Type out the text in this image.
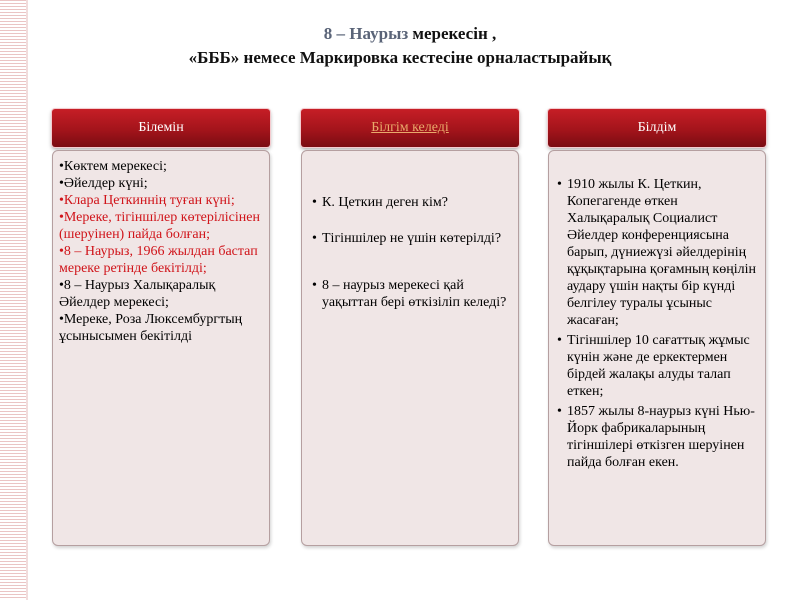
8 – Наурыз мерекесін ,
«БББ» немесе Маркировка кестесіне орналастырайық
Білемін
•Көктем мерекесі;
•Әйелдер күні;
•Клара Цеткиннің туған күні;
•Мереке, тігіншілер көтерілісінен (шеруінен) пайда болған;
•8 – Наурыз, 1966 жылдан бастап мереке ретінде бекітілді;
•8 – Наурыз Халықаралық Әйелдер мерекесі;
•Мереке, Роза Люксембургтың ұсынысымен бекітілді
Білгім келеді
• К. Цеткин деген кім?
• Тігіншілер не үшін көтерілді?
• 8 – наурыз мерекесі қай уақыттан бері өткізіліп келеді?
Білдім
• 1910 жылы К. Цеткин, Копегагенде өткен Халықаралық Социалист Әйелдер конференциясына барып, дүниежүзі әйелдерінің құқықтарына қоғамның көңілін аудару үшін нақты бір күнді белгілеу туралы ұсыныс жасаған;
• Тігіншілер 10 сағаттық жұмыс күнін және де еркектермен бірдей жалақы алуды талап еткен;
• 1857 жылы 8-наурыз күні Нью-Йорк фабрикаларының тігіншілері өткізген шеруінен пайда болған екен.
